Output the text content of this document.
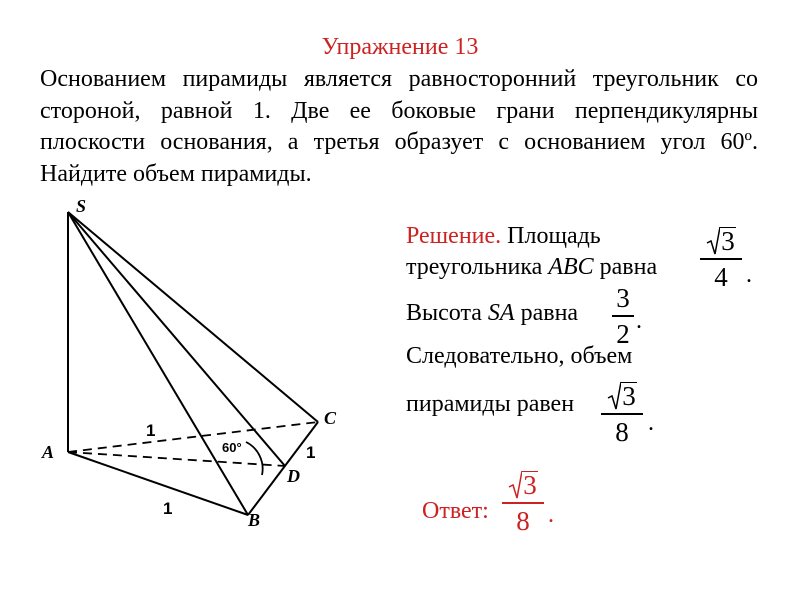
Упражнение 13
Основанием пирамиды является равносторонний треугольник со стороной, равной 1. Две ее боковые грани перпендикулярны плоскости основания, а третья образует с основанием угол 60º. Найдите объем пирамиды.
S
A
B
C
D
1
1
1
60°
Решение. Площадь
треугольника ABC равна
3
4 .
Высота SA равна 3
2 .
Следовательно, объем
пирамиды равен	3
8 .
Ответ:
3
8 .
